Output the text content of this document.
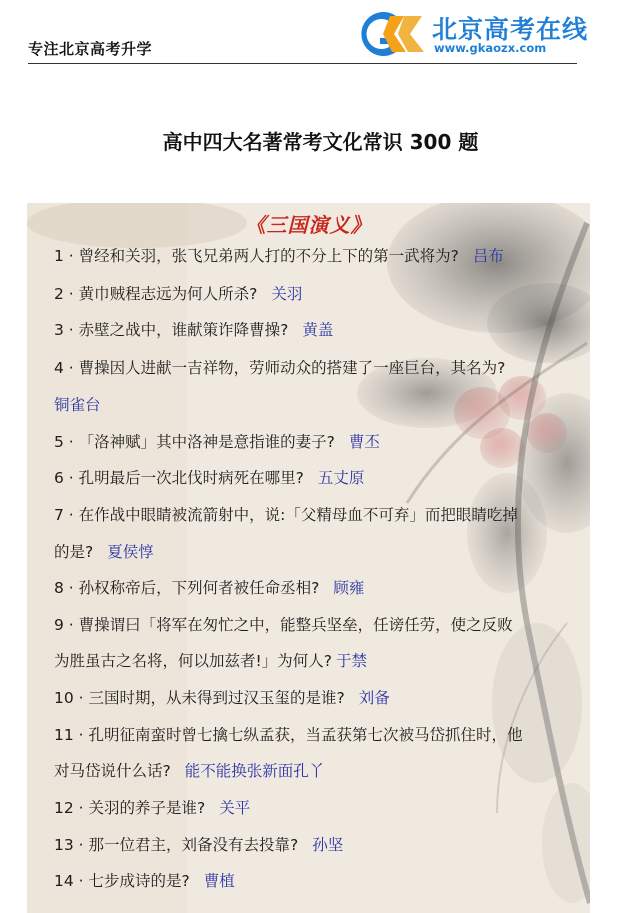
专注北京高考升学
北京高考在线
www.gkaozx.com
高中四大名著常考文化常识 300 题
《三国演义》
1 · 曾经和关羽，张飞兄弟两人打的不分上下的第一武将为? 吕布
2 · 黄巾贼程志远为何人所杀? 关羽
3 · 赤壁之战中，谁献策诈降曹操? 黄盖
4 · 曹操因人进献一吉祥物，劳师动众的搭建了一座巨台，其名为?
铜雀台
5 · 「洛神赋」其中洛神是意指谁的妻子? 曹丕
6 · 孔明最后一次北伐时病死在哪里? 五丈原
7 · 在作战中眼睛被流箭射中，说:「父精母血不可弃」而把眼睛吃掉
的是? 夏侯惇
8 · 孙权称帝后，下列何者被任命丞相? 顾雍
9 · 曹操谓曰「将军在匆忙之中，能整兵坚垒，任谤任劳，使之反败
为胜虽古之名将，何以加兹者!」为何人? 于禁
10 · 三国时期，从未得到过汉玉玺的是谁? 刘备
11 · 孔明征南蛮时曾七擒七纵孟获，当孟获第七次被马岱抓住时，他
对马岱说什么话? 能不能换张新面孔丫
12 · 关羽的养子是谁? 关平
13 · 那一位君主，刘备没有去投靠? 孙坚
14 · 七步成诗的是? 曹植
